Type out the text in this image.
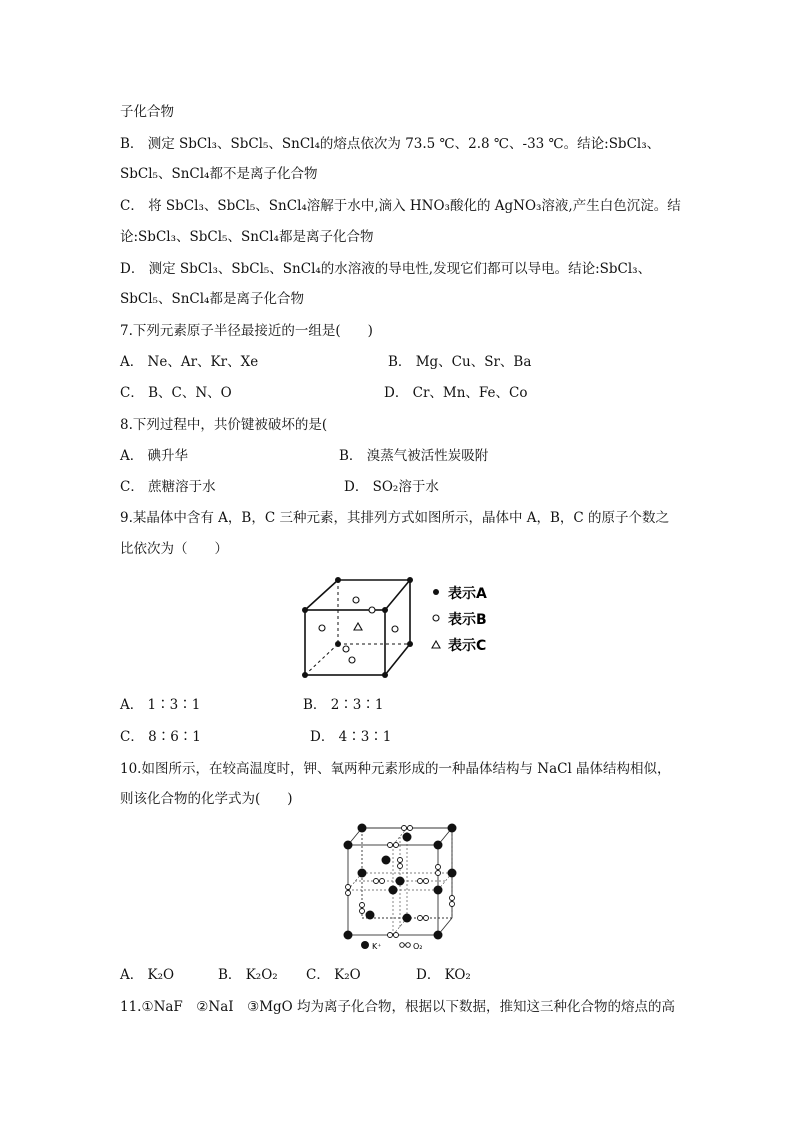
子化合物
B． 测定 SbCl₃、SbCl₅、SnCl₄的熔点依次为 73.5 ℃、2.8 ℃、-33 ℃。结论:SbCl₃、
SbCl₅、SnCl₄都不是离子化合物
C． 将 SbCl₃、SbCl₅、SnCl₄溶解于水中,滴入 HNO₃酸化的 AgNO₃溶液,产生白色沉淀。结
论:SbCl₃、SbCl₅、SnCl₄都是离子化合物
D． 测定 SbCl₃、SbCl₅、SnCl₄的水溶液的导电性,发现它们都可以导电。结论:SbCl₃、
SbCl₅、SnCl₄都是离子化合物
7.下列元素原子半径最接近的一组是(　　)
A． Ne、Ar、Kr、Xe	B． Mg、Cu、Sr、Ba
C． B、C、N、O	D． Cr、Mn、Fe、Co
8.下列过程中，共价键被破坏的是(
A． 碘升华	B． 溴蒸气被活性炭吸附
C． 蔗糖溶于水	D． SO₂溶于水
9.某晶体中含有 A，B，C 三种元素，其排列方式如图所示，晶体中 A，B，C 的原子个数之
比依次为（　　）
表示A
表示B
表示C
A． 1∶3∶1	B． 2∶3∶1
C． 8∶6∶1	D． 4∶3∶1
10.如图所示，在较高温度时，钾、氧两种元素形成的一种晶体结构与 NaCl 晶体结构相似，
则该化合物的化学式为(　　)
K⁺	O₂
A． K₂O	B． K₂O₂ C． K₂O	D． KO₂
11.①NaF　②NaI　③MgO 均为离子化合物，根据以下数据，推知这三种化合物的熔点的高
